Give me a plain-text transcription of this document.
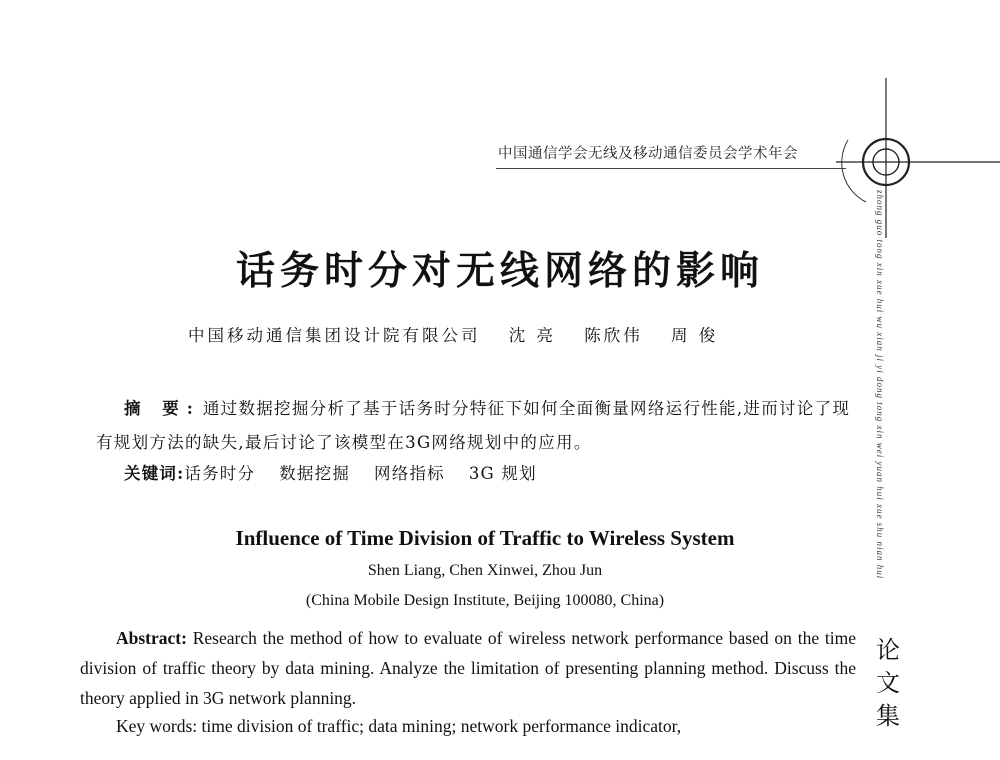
中国通信学会无线及移动通信委员会学术年会
话务时分对无线网络的影响
中国移动通信集团设计院有限公司 沈 亮 陈欣伟 周 俊
摘 要: 通过数据挖掘分析了基于话务时分特征下如何全面衡量网络运行性能,进而讨论了现有规划方法的缺失,最后讨论了该模型在3G网络规划中的应用。
关键词:话务时分 数据挖掘 网络指标 3G 规划
Influence of Time Division of Traffic to Wireless System
Shen Liang, Chen Xinwei, Zhou Jun
(China Mobile Design Institute, Beijing 100080, China)
Abstract: Research the method of how to evaluate of wireless network performance based on the time division of traffic theory by data mining. Analyze the limitation of presenting planning method. Discuss the theory applied in 3G network planning.
Key words: time division of traffic; data mining; network performance indicator,
zhong guo tong xin xue hui wu xian ji yi dong tong xin wei yuan hui xue shu nian hui
论
文
集
